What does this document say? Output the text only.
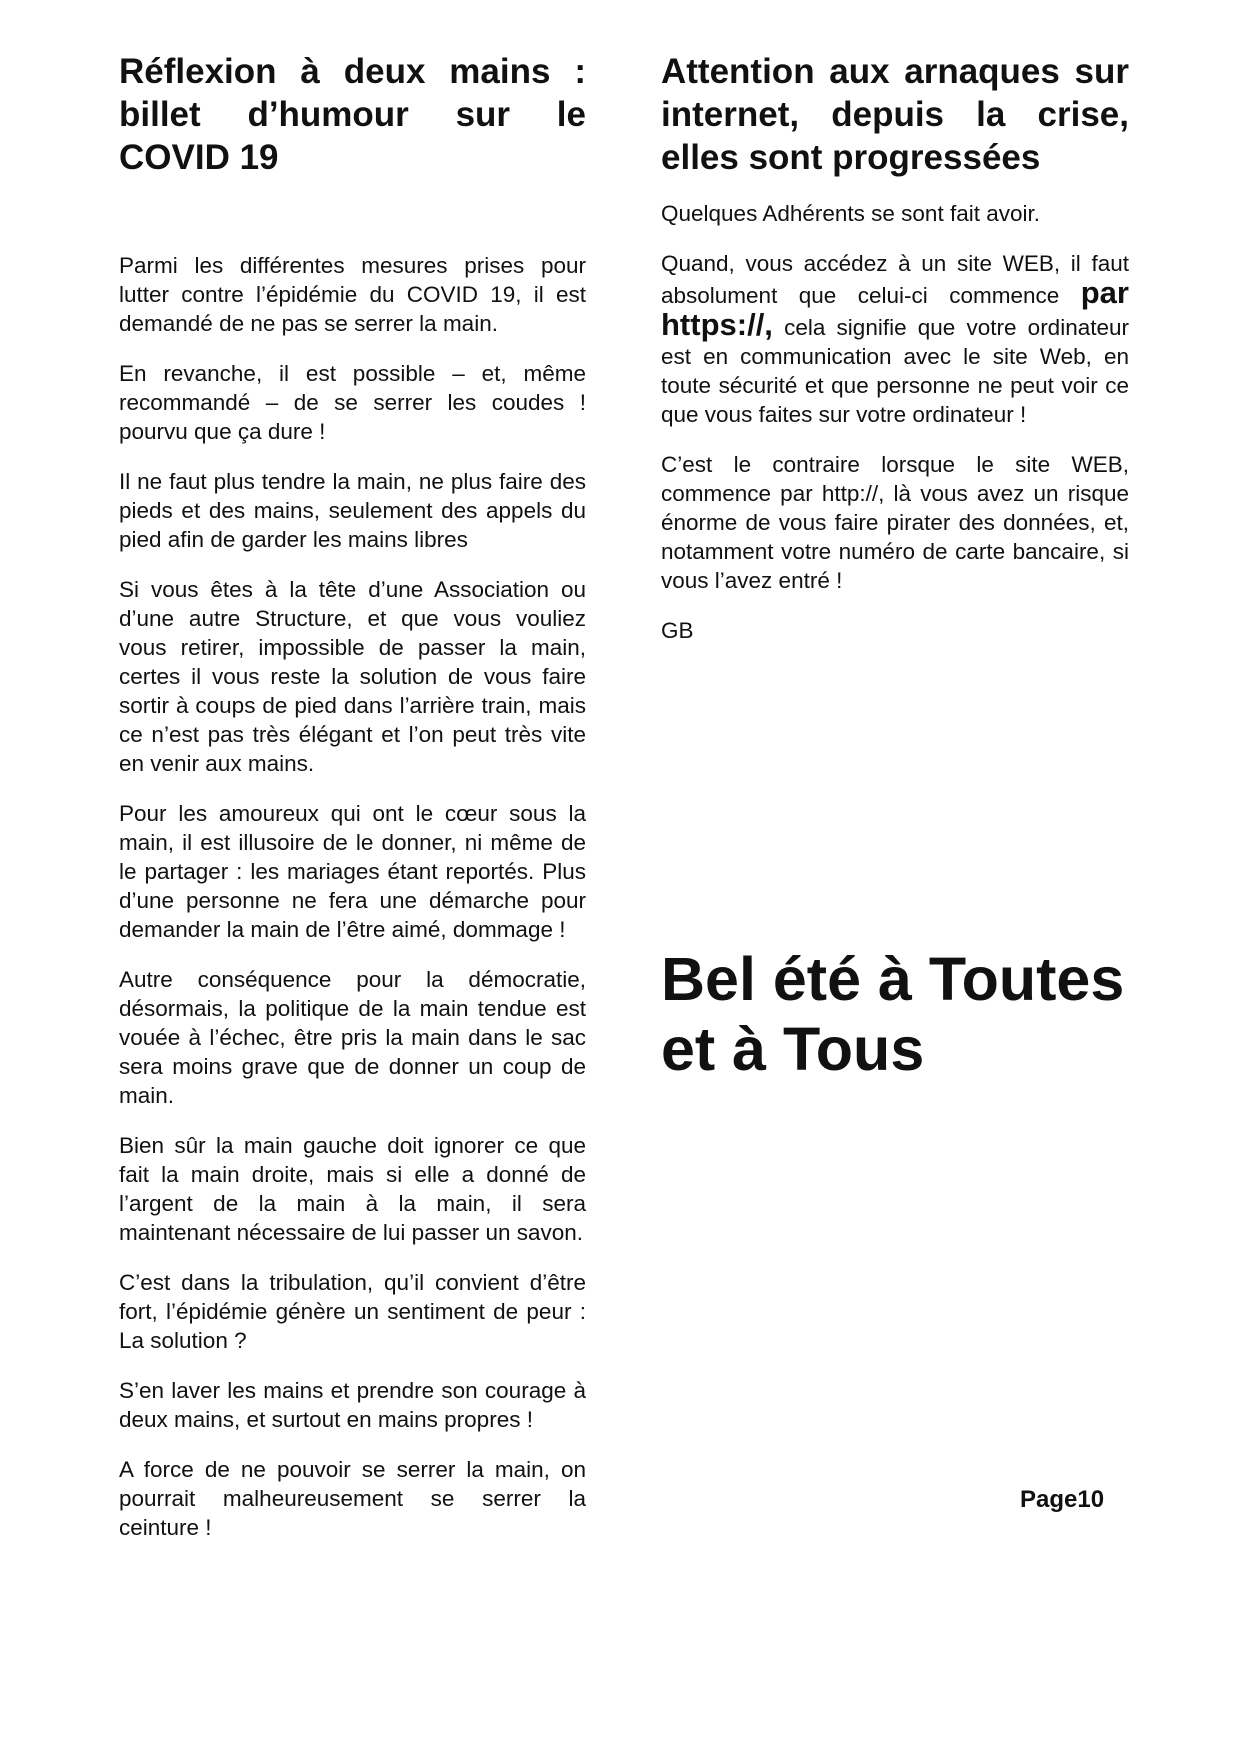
Réflexion à deux mains : billet d’humour sur le COVID 19

Parmi les différentes mesures prises pour lutter contre l’épidémie du COVID 19, il est demandé de ne pas se serrer la main.

En revanche, il est possible – et, même recommandé – de se serrer les coudes ! pourvu que ça dure !

Il ne faut plus tendre la main, ne plus faire des pieds et des mains, seulement des appels du pied afin de garder les mains libres

Si vous êtes à la tête d’une Association ou d’une autre Structure, et que vous vouliez vous retirer, impossible de passer la main, certes il vous reste la solution de vous faire sortir à coups de pied dans l’arrière train, mais ce n’est pas très élégant et l’on peut très vite en venir aux mains.

Pour les amoureux qui ont le cœur sous la main, il est illusoire de le donner, ni même de le partager : les mariages étant reportés. Plus d’une personne ne fera une démarche pour demander la main de l’être aimé, dommage !

Autre conséquence pour la démocratie, désormais, la politique de la main tendue est vouée à l’échec, être pris la main dans le sac sera moins grave que de donner un coup de main.

Bien sûr la main gauche doit ignorer ce que fait la main droite, mais si elle a donné de l’argent de la main à la main, il sera maintenant nécessaire de lui passer un savon.

C’est dans la tribulation, qu’il convient d’être fort, l’épidémie génère un sentiment de peur : La solution ?

S’en laver les mains et prendre son courage à deux mains, et surtout en mains propres !

A force de ne pouvoir se serrer la main, on pourrait malheureusement se serrer la ceinture !

Attention aux arnaques sur internet, depuis la crise, elles sont progressées

Quelques Adhérents se sont fait avoir.

Quand, vous accédez à un site WEB, il faut absolument que celui-ci commence par https://, cela signifie que votre ordinateur est en communication avec le site Web, en toute sécurité et que personne ne peut voir ce que vous faites sur votre ordinateur !

C’est le contraire lorsque le site WEB, commence par http://, là vous avez un risque énorme de vous faire pirater des données, et, notamment votre numéro de carte bancaire, si vous l’avez entré !

GB

Bel été à Toutes
et à Tous
Page10
